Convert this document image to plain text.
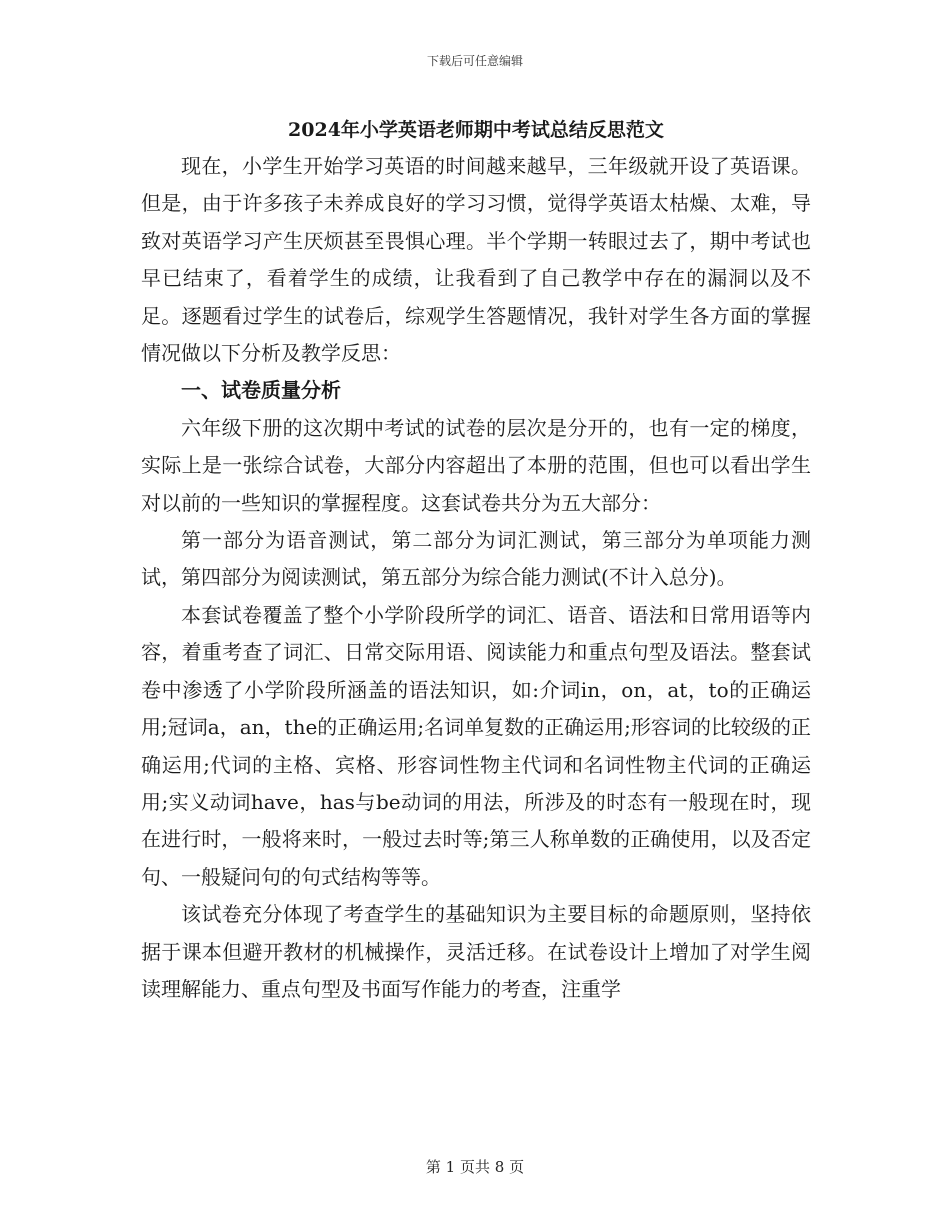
下载后可任意编辑
2024年小学英语老师期中考试总结反思范文

现在，小学生开始学习英语的时间越来越早，三年级就开设了英语课。但是，由于许多孩子未养成良好的学习习惯，觉得学英语太枯燥、太难，导致对英语学习产生厌烦甚至畏惧心理。半个学期一转眼过去了，期中考试也早已结束了，看着学生的成绩，让我看到了自己教学中存在的漏洞以及不足。逐题看过学生的试卷后，综观学生答题情况，我针对学生各方面的掌握情况做以下分析及教学反思：

一、试卷质量分析

六年级下册的这次期中考试的试卷的层次是分开的，也有一定的梯度，实际上是一张综合试卷，大部分内容超出了本册的范围，但也可以看出学生对以前的一些知识的掌握程度。这套试卷共分为五大部分：

第一部分为语音测试，第二部分为词汇测试，第三部分为单项能力测试，第四部分为阅读测试，第五部分为综合能力测试(不计入总分)。

本套试卷覆盖了整个小学阶段所学的词汇、语音、语法和日常用语等内容，着重考查了词汇、日常交际用语、阅读能力和重点句型及语法。整套试卷中渗透了小学阶段所涵盖的语法知识，如:介词in，on，at，to的正确运用;冠词a，an，the的正确运用;名词单复数的正确运用;形容词的比较级的正确运用;代词的主格、宾格、形容词性物主代词和名词性物主代词的正确运用;实义动词have，has与be动词的用法，所涉及的时态有一般现在时，现在进行时，一般将来时，一般过去时等;第三人称单数的正确使用，以及否定句、一般疑问句的句式结构等等。

该试卷充分体现了考查学生的基础知识为主要目标的命题原则，坚持依据于课本但避开教材的机械操作，灵活迁移。在试卷设计上增加了对学生阅读理解能力、重点句型及书面写作能力的考查，注重学

第 1 页共 8 页
